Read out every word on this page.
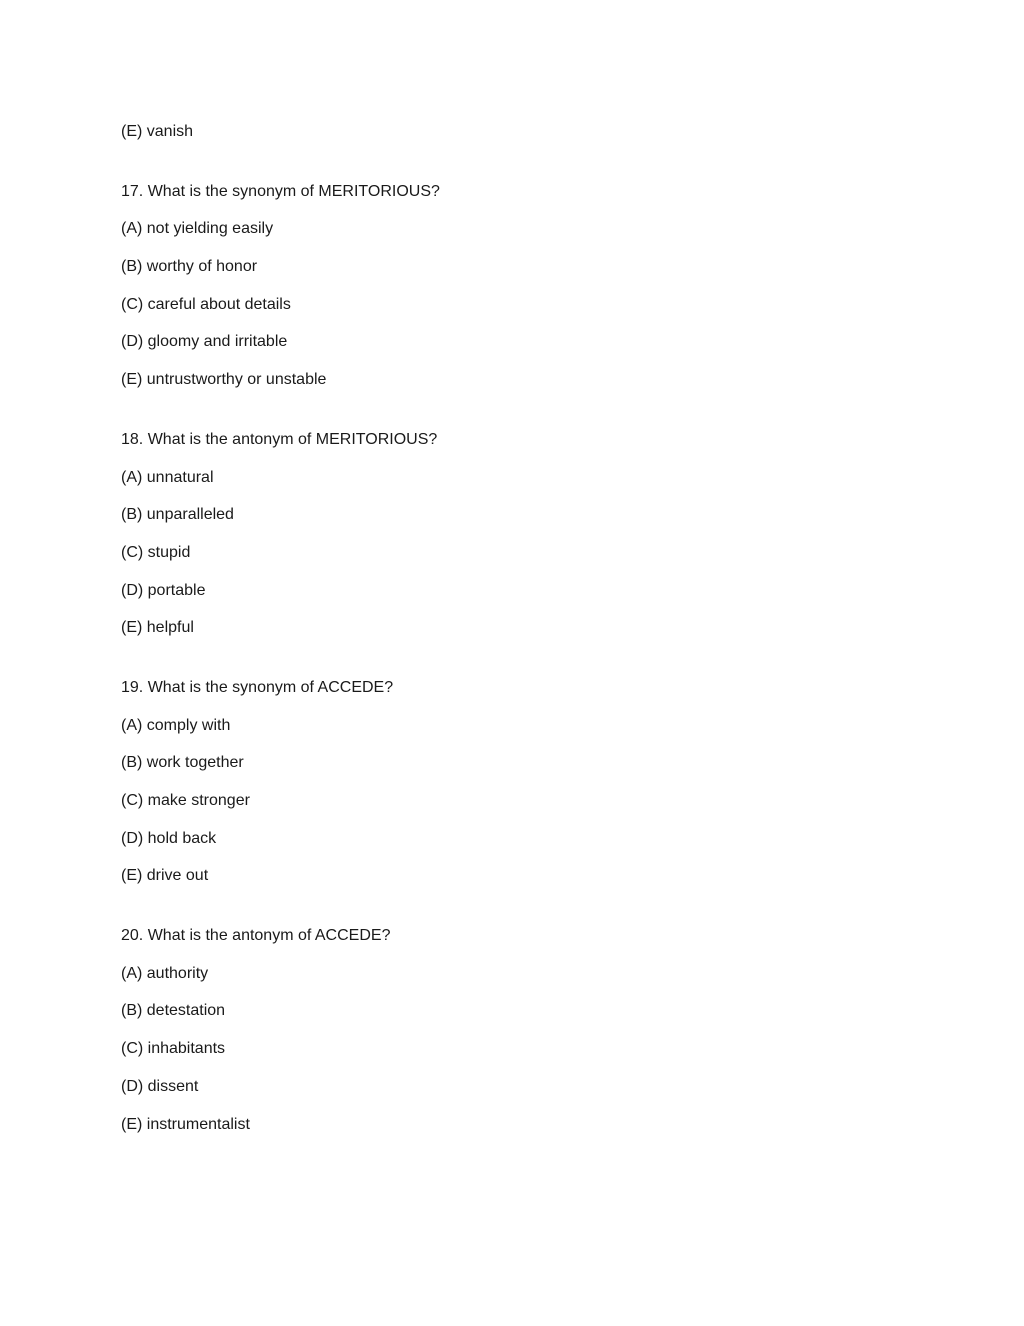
(E) vanish
17. What is the synonym of MERITORIOUS?
(A) not yielding easily
(B) worthy of honor
(C) careful about details
(D) gloomy and irritable
(E) untrustworthy or unstable
18. What is the antonym of MERITORIOUS?
(A) unnatural
(B) unparalleled
(C) stupid
(D) portable
(E) helpful
19. What is the synonym of ACCEDE?
(A) comply with
(B) work together
(C) make stronger
(D) hold back
(E) drive out
20. What is the antonym of ACCEDE?
(A) authority
(B) detestation
(C) inhabitants
(D) dissent
(E) instrumentalist
